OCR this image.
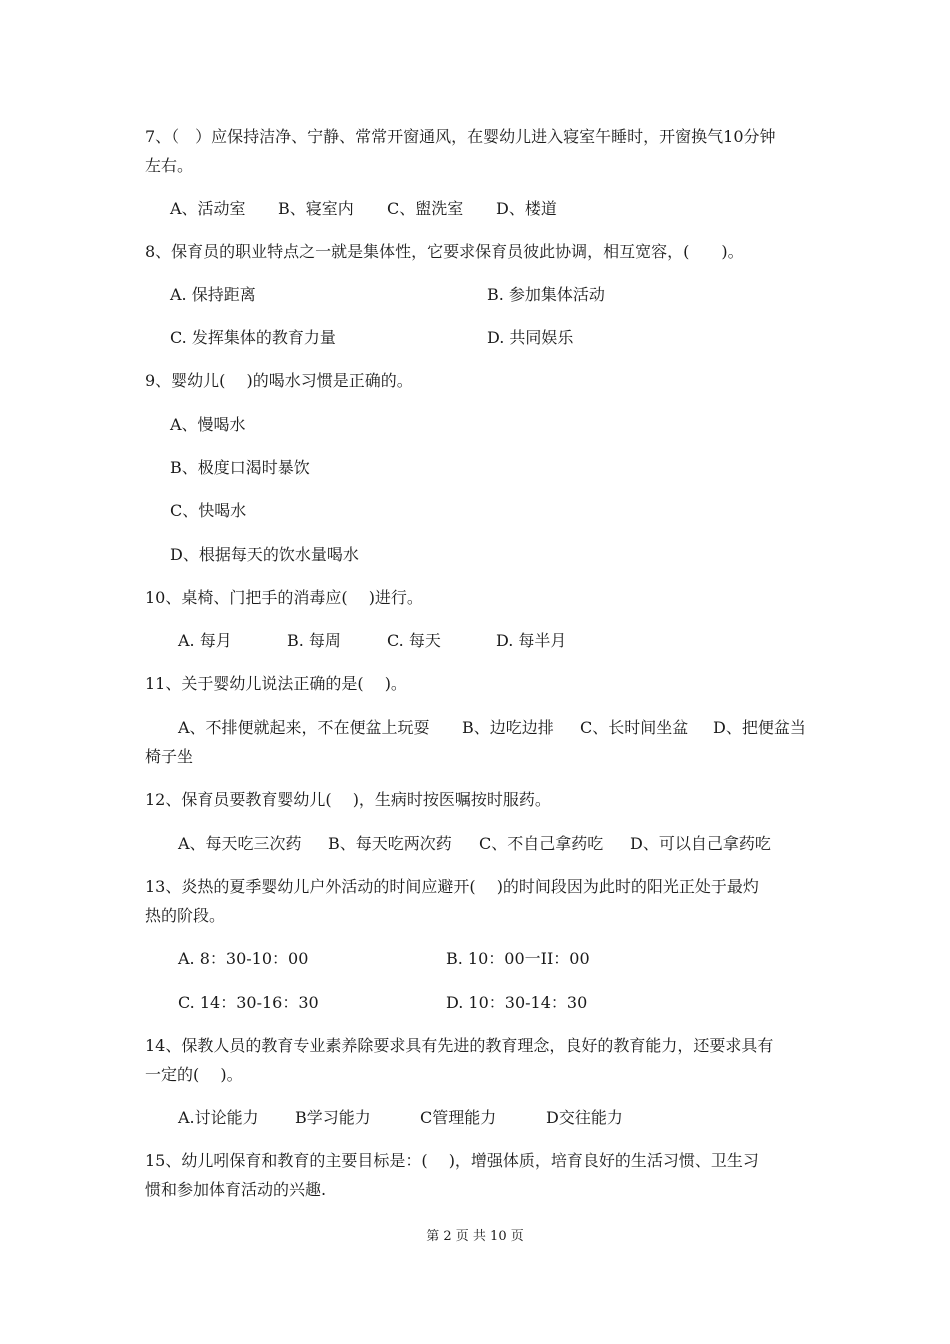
7、（　）应保持洁净、宁静、常常开窗通风，在婴幼儿进入寝室午睡时，开窗换气10分钟
左右。
A、活动室 B、寝室内 C、盥洗室 D、楼道
8、保育员的职业特点之一就是集体性，它要求保育员彼此协调，相互宽容，(　　)。
A. 保持距离	B. 参加集体活动
C. 发挥集体的教育力量	D. 共同娱乐
9、婴幼儿(　 )的喝水习惯是正确的。
A、慢喝水
B、极度口渴时暴饮
C、快喝水
D、根据每天的饮水量喝水
10、桌椅、门把手的消毒应(　 )进行。
A. 每月	B. 每周	C. 每天	D. 每半月
11、关于婴幼儿说法正确的是(　 )。
A、不排便就起来，不在便盆上玩耍 B、边吃边排 C、长时间坐盆 D、把便盆当
椅子坐
12、保育员要教育婴幼儿(　 )，生病时按医嘱按时服药。
A、每天吃三次药 B、每天吃两次药 C、不自己拿药吃 D、可以自己拿药吃
13、炎热的夏季婴幼儿户外活动的时间应避开(　 )的时间段因为此时的阳光正处于最灼
热的阶段。
A. 8：30-10：00	B. 10：00一II：00
C. 14：30-16：30	D. 10：30-14：30
14、保教人员的教育专业素养除要求具有先进的教育理念，良好的教育能力，还要求具有
一定的(　 )。
A.讨论能力 B学习能力	C管理能力	D交往能力
15、幼儿吲保育和教育的主要目标是：(　 )，增强体质，培育良好的生活习惯、卫生习
惯和参加体育活动的兴趣.
第 2 页 共 10 页
